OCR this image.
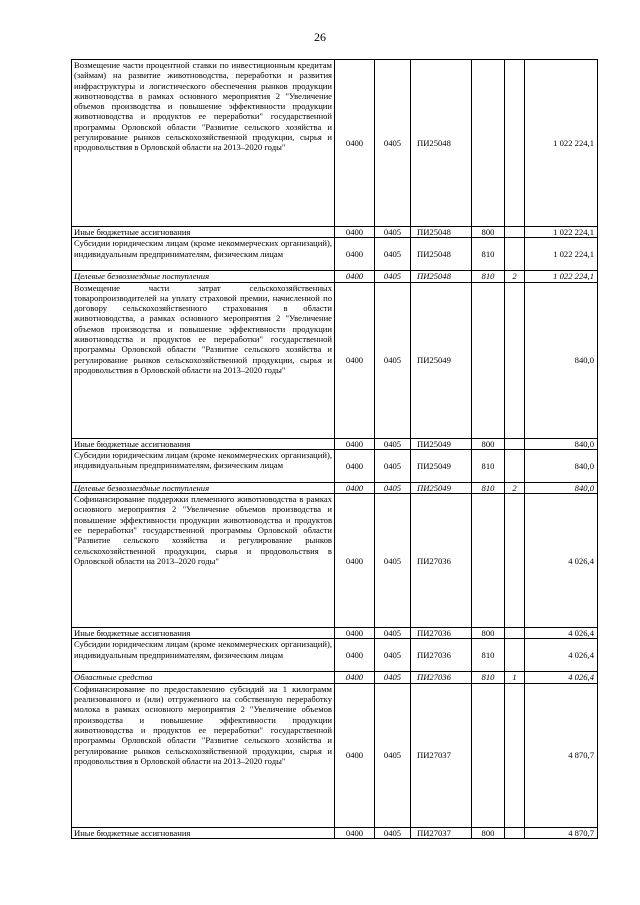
26
Возмещение части процентной ставки по инвестиционным кредитам (займам) на развитие животноводства, переработки и развития инфраструктуры и логистического обеспечения рынков продукции животноводства в рамках основного мероприятия 2 "Увеличение объемов производства и повышение эффективности продукции животноводства и продуктов ее переработки" государственной программы Орловской области "Развитие сельского хозяйства и регулирование рынков сельскохозяйственной продукции, сырья и продовольствия в Орловской области на 2013–2020 годы"	0400	0405	ПИ25048			1 022 224,1
Иные бюджетные ассигнования	0400	0405	ПИ25048	800		1 022 224,1
Субсидии юридическим лицам (кроме некоммерческих организаций), индивидуальным предпринимателям, физическим лицам	0400	0405	ПИ25048	810		1 022 224,1
Целевые безвозмездные поступления	0400	0405	ПИ25048	810	2	1 022 224,1
Возмещение части затрат сельскохозяйственных товаропроизводителей на уплату страховой премии, начисленной по договору сельскохозяйственного страхования в области животноводства, а рамках основного мероприятия 2 "Увеличение объемов производства и повышение эффективности продукции животноводства и продуктов ее переработки" государственной программы Орловской области "Развитие сельского хозяйства и регулирование рынков сельскохозяйственной продукции, сырья и продовольствия в Орловской области на 2013–2020 годы"	0400	0405	ПИ25049			840,0
Иные бюджетные ассигнования	0400	0405	ПИ25049	800		840,0
Субсидии юридическим лицам (кроме некоммерческих организаций), индивидуальным предпринимателям, физическим лицам	0400	0405	ПИ25049	810		840,0
Целевые безвозмездные поступления	0400	0405	ПИ25049	810	2	840,0
Софинансирование поддержки племенного животноводства в рамках основного мероприятия 2 "Увеличение объемов производства и повышение эффективности продукции животноводства и продуктов ее переработки" государственной программы Орловской области "Развитие сельского хозяйства и регулирование рынков сельскохозяйственной продукции, сырья и продовольствия в Орловской области на 2013–2020 годы"	0400	0405	ПИ27036			4 026,4
Иные бюджетные ассигнования	0400	0405	ПИ27036	800		4 026,4
Субсидии юридическим лицам (кроме некоммерческих организаций), индивидуальным предпринимателям, физическим лицам	0400	0405	ПИ27036	810		4 026,4
Областные средства	0400	0405	ПИ27036	810	1	4 026,4
Софинансирование по предоставлению субсидий на 1 килограмм реализованного и (или) отгруженного на собственную переработку молока в рамках основного мероприятия 2 "Увеличение объемов производства и повышение эффективности продукции животноводства и продуктов ее переработки" государственной программы Орловской области "Развитие сельского хозяйства и регулирование рынков сельскохозяйственной продукции, сырья и продовольствия в Орловской области на 2013–2020 годы"	0400	0405	ПИ27037			4 870,7
Иные бюджетные ассигнования	0400	0405	ПИ27037	800		4 870,7
